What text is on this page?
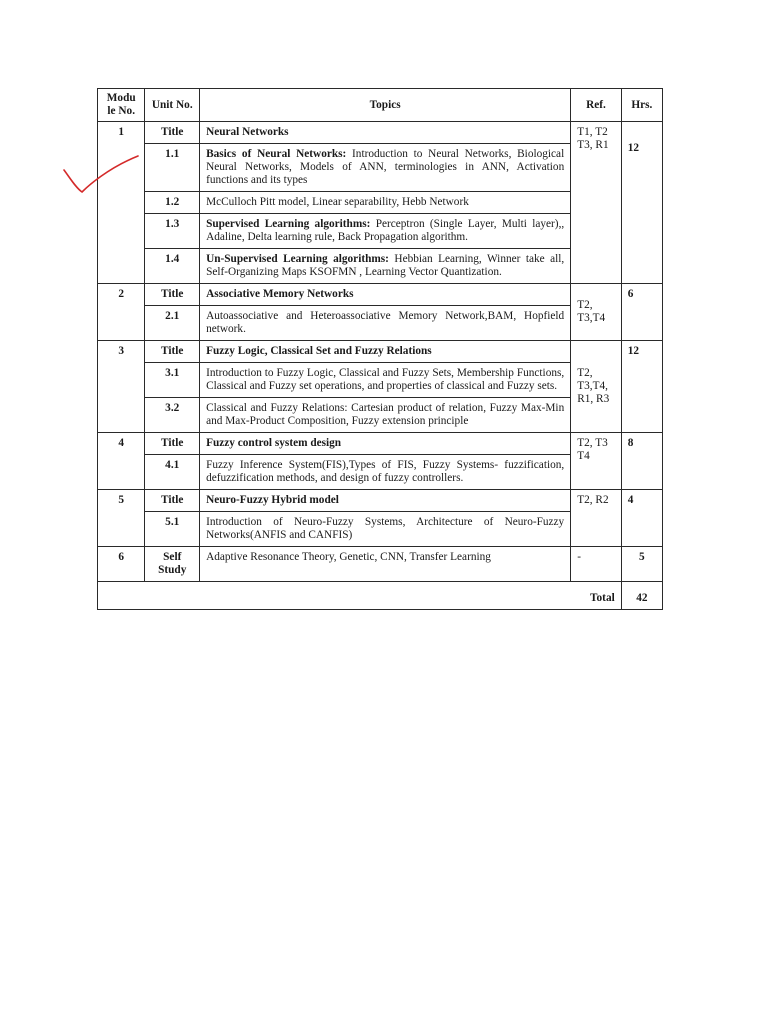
Modu le No.	Unit No.	Topics	Ref.	Hrs.
1	Title	Neural Networks	T1, T2 T3, R1	12
	1.1	Basics of Neural Networks: Introduction to Neural Networks, Biological Neural Networks, Models of ANN, terminologies in ANN, Activation functions and its types		
	1.2	McCulloch Pitt model, Linear separability, Hebb Network		
	1.3	Supervised Learning algorithms: Perceptron (Single Layer, Multi layer),, Adaline, Delta learning rule, Back Propagation algorithm.		
	1.4	Un-Supervised Learning algorithms: Hebbian Learning, Winner take all, Self-Organizing Maps KSOFMN , Learning Vector Quantization.		
2	Title	Associative Memory Networks	T2, T3,T4	6
	2.1	Autoassociative and Heteroassociative Memory Network,BAM, Hopfield network.		
3	Title	Fuzzy Logic, Classical Set and Fuzzy Relations	T2, T3,T4, R1, R3	12
	3.1	Introduction to Fuzzy Logic, Classical and Fuzzy Sets, Membership Functions, Classical and Fuzzy set operations, and properties of classical and Fuzzy sets.		
	3.2	Classical and Fuzzy Relations: Cartesian product of relation, Fuzzy Max-Min and Max-Product Composition, Fuzzy extension principle		
4	Title	Fuzzy control system design	T2, T3 T4	8
	4.1	Fuzzy Inference System(FIS),Types of FIS, Fuzzy Systems- fuzzification, defuzzification methods, and design of fuzzy controllers.		
5	Title	Neuro-Fuzzy Hybrid model	T2, R2	4
	5.1	Introduction of Neuro-Fuzzy Systems, Architecture of Neuro-Fuzzy Networks(ANFIS and CANFIS)		
6	Self Study	Adaptive Resonance Theory, Genetic, CNN, Transfer Learning	-	5
Total				42
